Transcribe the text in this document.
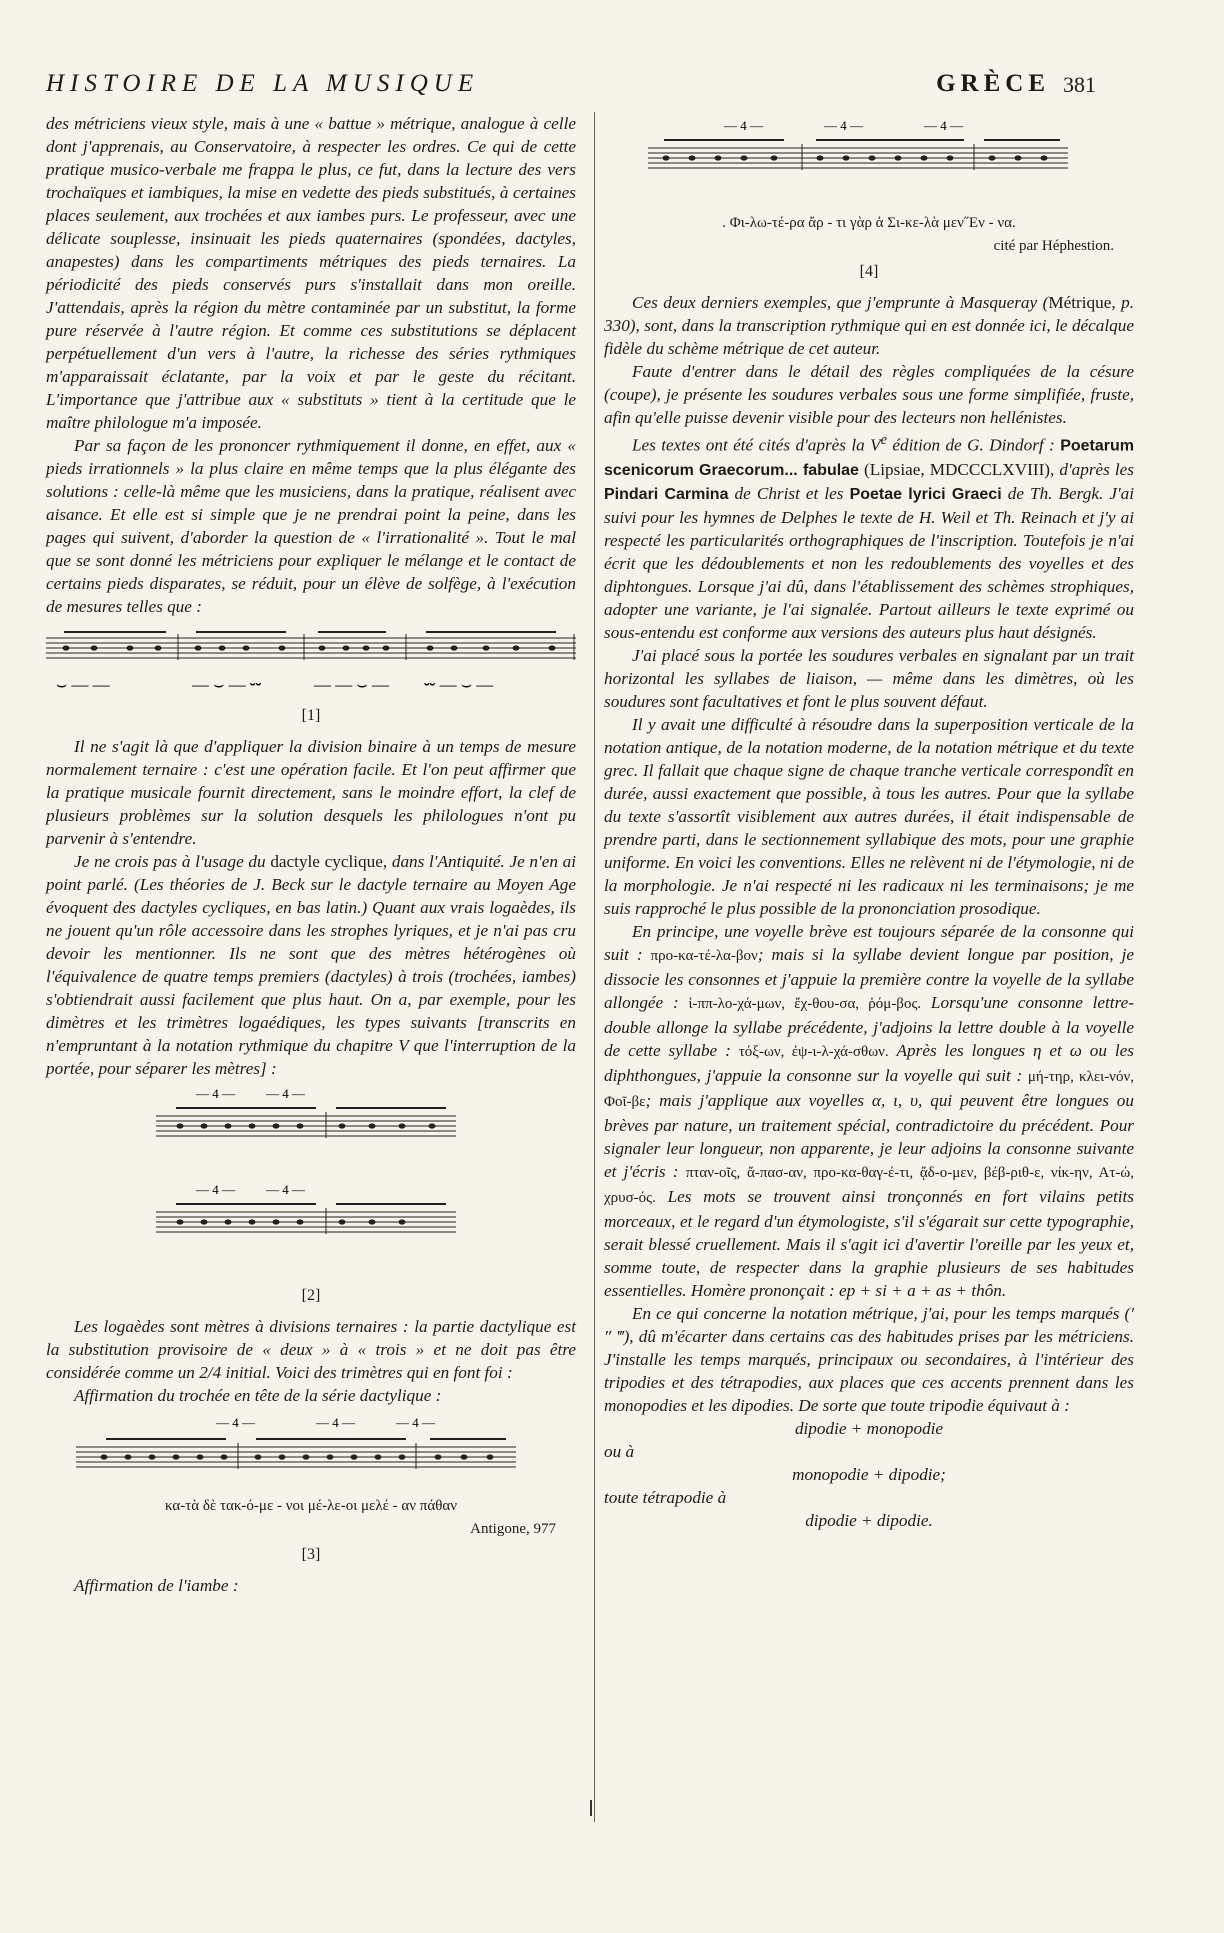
HISTOIRE DE LA MUSIQUE	GRÈCE 381

des métriciens vieux style, mais à une « battue » métrique, analogue à celle dont j'apprenais, au Conservatoire, à respecter les ordres. Ce qui de cette pratique musico-verbale me frappa le plus, ce fut, dans la lecture des vers trochaïques et iambiques, la mise en vedette des pieds substitués, à certaines places seulement, aux trochées et aux iambes purs. Le professeur, avec une délicate souplesse, insinuait les pieds quaternaires (spondées, dactyles, anapestes) dans les compartiments métriques des pieds ternaires. La périodicité des pieds conservés purs s'installait dans mon oreille. J'attendais, après la région du mètre contaminée par un substitut, la forme pure réservée à l'autre région. Et comme ces substitutions se déplacent perpétuellement d'un vers à l'autre, la richesse des séries rythmiques m'apparaissait éclatante, par la voix et par le geste du récitant. L'importance que j'attribue aux « substituts » tient à la certitude que le maître philologue m'a imposée.

Par sa façon de les prononcer rythmiquement il donne, en effet, aux « pieds irrationnels » la plus claire en même temps que la plus élégante des solutions : celle-là même que les musiciens, dans la pratique, réalisent avec aisance. Et elle est si simple que je ne prendrai point la peine, dans les pages qui suivent, d'aborder la question de « l'irrationalité ». Tout le mal que se sont donné les métriciens pour expliquer le mélange et le contact de certains pieds disparates, se réduit, pour un élève de solfège, à l'exécution de mesures telles que :

⌣ — —	— ⌣ — ⏑⏑	— — ⌣ — ⏑⏑ — ⌣ —
[1]

Il ne s'agit là que d'appliquer la division binaire à un temps de mesure normalement ternaire : c'est une opération facile. Et l'on peut affirmer que la pratique musicale fournit directement, sans le moindre effort, la clef de plusieurs problèmes sur la solution desquels les philologues n'ont pu parvenir à s'entendre.

Je ne crois pas à l'usage du dactyle cyclique, dans l'Antiquité. Je n'en ai point parlé. (Les théories de J. Beck sur le dactyle ternaire au Moyen Age évoquent des dactyles cycliques, en bas latin.) Quant aux vrais logaèdes, ils ne jouent qu'un rôle accessoire dans les strophes lyriques, et je n'ai pas cru devoir les mentionner. Ils ne sont que des mètres hétérogènes où l'équivalence de quatre temps premiers (dactyles) à trois (trochées, iambes) s'obtiendrait aussi facilement que plus haut. On a, par exemple, pour les dimètres et les trimètres logaédiques, les types suivants [transcrits en n'empruntant à la notation rythmique du chapitre V que l'interruption de la portée, pour séparer les mètres] :

— 4 — — 4 —
— 4 — — 4 —
[2]

Les logaèdes sont mètres à divisions ternaires : la partie dactylique est la substitution provisoire de « deux » à « trois » et ne doit pas être considérée comme un 2/4 initial. Voici des trimètres qui en font foi :

Affirmation du trochée en tête de la série dactylique :

— 4 —	— 4 —	— 4 —
κα-τὰ δὲ τακ-ό-με - νοι μέ-λε-οι μελέ - αν πάθαν
Antigone, 977
[3]

Affirmation de l'iambe :

— 4 —	— 4 —	— 4 —
. Φι-λω-τέ-ρα ἄρ - τι γὰρ ἁ Σι-κε-λὰ μεν˝Εν - να.
cité par Héphestion.
[4]

Ces deux derniers exemples, que j'emprunte à Masqueray (Métrique, p. 330), sont, dans la transcription rythmique qui en est donnée ici, le décalque fidèle du schème métrique de cet auteur.

Faute d'entrer dans le détail des règles compliquées de la césure (coupe), je présente les soudures verbales sous une forme simplifiée, fruste, afin qu'elle puisse devenir visible pour des lecteurs non hellénistes.

Les textes ont été cités d'après la Ve édition de G. Dindorf : Poetarum scenicorum Graecorum... fabulae (Lipsiae, MDCCCLXVIII), d'après les Pindari Carmina de Christ et les Poetae lyrici Graeci de Th. Bergk. J'ai suivi pour les hymnes de Delphes le texte de H. Weil et Th. Reinach et j'y ai respecté les particularités orthographiques de l'inscription. Toutefois je n'ai écrit que les dédoublements et non les redoublements des voyelles et des diphtongues. Lorsque j'ai dû, dans l'établissement des schèmes strophiques, adopter une variante, je l'ai signalée. Partout ailleurs le texte exprimé ou sous-entendu est conforme aux versions des auteurs plus haut désignés.

J'ai placé sous la portée les soudures verbales en signalant par un trait horizontal les syllabes de liaison, — même dans les dimètres, où les soudures sont facultatives et font le plus souvent défaut.

Il y avait une difficulté à résoudre dans la superposition verticale de la notation antique, de la notation moderne, de la notation métrique et du texte grec. Il fallait que chaque signe de chaque tranche verticale correspondît en durée, aussi exactement que possible, à tous les autres. Pour que la syllabe du texte s'assortît visiblement aux autres durées, il était indispensable de prendre parti, dans le sectionnement syllabique des mots, pour une graphie uniforme. En voici les conventions. Elles ne relèvent ni de l'étymologie, ni de la morphologie. Je n'ai respecté ni les radicaux ni les terminaisons; je me suis rapproché le plus possible de la prononciation prosodique.

En principe, une voyelle brève est toujours séparée de la consonne qui suit : προ-κα-τέ-λα-βον; mais si la syllabe devient longue par position, je dissocie les consonnes et j'appuie la première contre la voyelle de la syllabe allongée : ἱ-ππ-λο-χά-μων, ἔχ-θου-σα, ῥόμ-βος. Lorsqu'une consonne lettre-double allonge la syllabe précédente, j'adjoins la lettre double à la voyelle de cette syllabe : τόξ-ων, ἐψ-ι-λ-χά-σθων. Après les longues η et ω ou les diphthongues, j'appuie la consonne sur la voyelle qui suit : μή-τηρ, κλει-νόν, Φοῖ-βε; mais j'applique aux voyelles α, ι, υ, qui peuvent être longues ou brèves par nature, un traitement spécial, contradictoire du précédent. Pour signaler leur longueur, non apparente, je leur adjoins la consonne suivante et j'écris : πταν-οῖς, ἄ-πασ-αν, προ-κα-θαγ-έ-τι, ᾄδ-ο-μεν, βέβ-ριθ-ε, νίκ-ην, Ατ-ώ, χρυσ-ός. Les mots se trouvent ainsi tronçonnés en fort vilains petits morceaux, et le regard d'un étymologiste, s'il s'égarait sur cette typographie, serait blessé cruellement. Mais il s'agit ici d'avertir l'oreille par les yeux et, somme toute, de respecter dans la graphie plusieurs de ses habitudes essentielles. Homère prononçait : ep + si + a + as + thôn.

En ce qui concerne la notation métrique, j'ai, pour les temps marqués (′ ″ ‴), dû m'écarter dans certains cas des habitudes prises par les métriciens. J'installe les temps marqués, principaux ou secondaires, à l'intérieur des tripodies et des tétrapodies, aux places que ces accents prennent dans les monopodies et les dipodies. De sorte que toute tripodie équivaut à :

dipodie + monopodie

ou à

monopodie + dipodie;

toute tétrapodie à

dipodie + dipodie.
